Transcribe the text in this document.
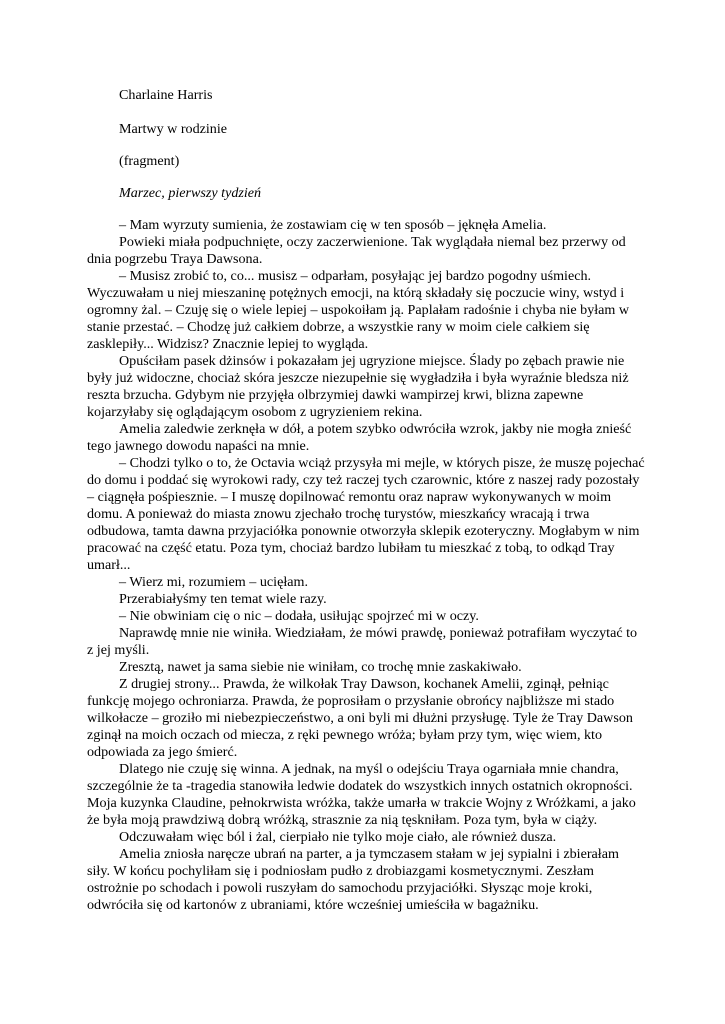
Charlaine Harris

Martwy w rodzinie

(fragment)

Marzec, pierwszy tydzień

– Mam wyrzuty sumienia, że zostawiam cię w ten sposób – jęknęła Amelia.

Powieki miała podpuchnięte, oczy zaczerwienione. Tak wyglądała niemal bez przerwy od dnia pogrzebu Traya Dawsona.

– Musisz zrobić to, co... musisz – odparłam, posyłając jej bardzo pogodny uśmiech. Wyczuwałam u niej mieszaninę potężnych emocji, na którą składały się poczucie winy, wstyd i ogromny żal. – Czuję się o wiele lepiej – uspokoiłam ją. Paplałam radośnie i chyba nie byłam w stanie przestać. – Chodzę już całkiem dobrze, a wszystkie rany w moim ciele całkiem się zasklepiły... Widzisz? Znacznie lepiej to wygląda.

Opuściłam pasek dżinsów i pokazałam jej ugryzione miejsce. Ślady po zębach prawie nie były już widoczne, chociaż skóra jeszcze niezupełnie się wygładziła i była wyraźnie bledsza niż reszta brzucha. Gdybym nie przyjęła olbrzymiej dawki wampirzej krwi, blizna zapewne kojarzyłaby się oglądającym osobom z ugryzieniem rekina.

Amelia zaledwie zerknęła w dół, a potem szybko odwróciła wzrok, jakby nie mogła znieść tego jawnego dowodu napaści na mnie.

– Chodzi tylko o to, że Octavia wciąż przysyła mi mejle, w których pisze, że muszę pojechać do domu i poddać się wyrokowi rady, czy też raczej tych czarownic, które z naszej rady pozostały – ciągnęła pośpiesznie. – I muszę dopilnować remontu oraz napraw wykonywanych w moim domu. A ponieważ do miasta znowu zjechało trochę turystów, mieszkańcy wracają i trwa odbudowa, tamta dawna przyjaciółka ponownie otworzyła sklepik ezoteryczny. Mogłabym w nim pracować na część etatu. Poza tym, chociaż bardzo lubiłam tu mieszkać z tobą, to odkąd Tray umarł...

– Wierz mi, rozumiem – ucięłam.

Przerabiałyśmy ten temat wiele razy.

– Nie obwiniam cię o nic – dodała, usiłując spojrzeć mi w oczy.

Naprawdę mnie nie winiła. Wiedziałam, że mówi prawdę, ponieważ potrafiłam wyczytać to z jej myśli.

Zresztą, nawet ja sama siebie nie winiłam, co trochę mnie zaskakiwało.

Z drugiej strony... Prawda, że wilkołak Tray Dawson, kochanek Amelii, zginął, pełniąc funkcję mojego ochroniarza. Prawda, że poprosiłam o przysłanie obrońcy najbliższe mi stado wilkołacze – groziło mi niebezpieczeństwo, a oni byli mi dłużni przysługę. Tyle że Tray Dawson zginął na moich oczach od miecza, z ręki pewnego wróża; byłam przy tym, więc wiem, kto odpowiada za jego śmierć.

Dlatego nie czuję się winna. A jednak, na myśl o odejściu Traya ogarniała mnie chandra, szczególnie że ta -tragedia stanowiła ledwie dodatek do wszystkich innych ostatnich okropności. Moja kuzynka Claudine, pełnokrwista wróżka, także umarła w trakcie Wojny z Wróżkami, a jako że była moją prawdziwą dobrą wróżką, strasznie za nią tęskniłam. Poza tym, była w ciąży.

Odczuwałam więc ból i żal, cierpiało nie tylko moje ciało, ale również dusza.

Amelia zniosła naręcze ubrań na parter, a ja tymczasem stałam w jej sypialni i zbierałam siły. W końcu pochyliłam się i podniosłam pudło z drobiazgami kosmetycznymi. Zeszłam ostrożnie po schodach i powoli ruszyłam do samochodu przyjaciółki. Słysząc moje kroki, odwróciła się od kartonów z ubraniami, które wcześniej umieściła w bagażniku.
